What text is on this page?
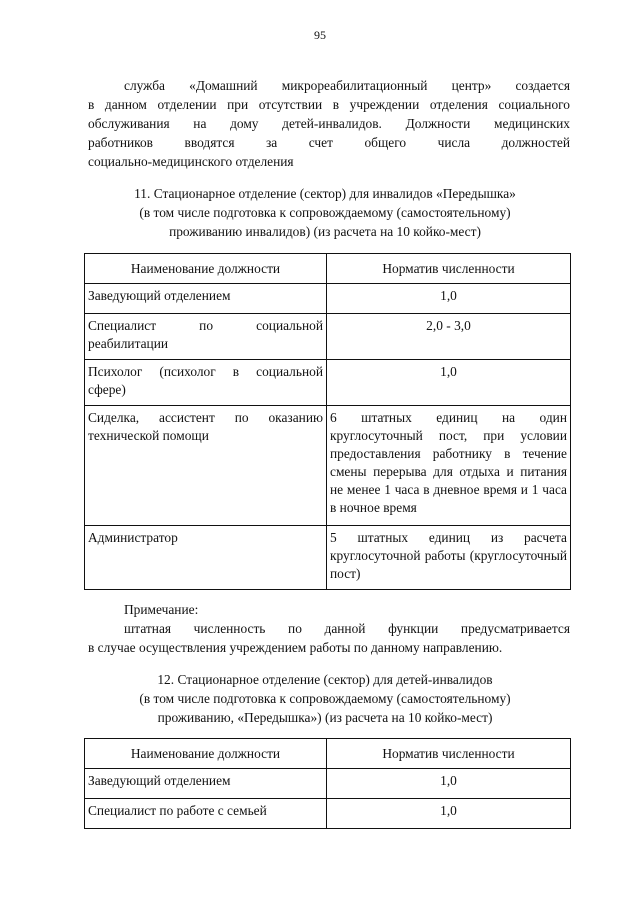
95
служба «Домашний микрореабилитационный центр» создается
в данном отделении при отсутствии в учреждении отделения социального
обслуживания на дому детей-инвалидов. Должности медицинских
работников вводятся за счет общего числа должностей
социально-медицинского отделения
11. Стационарное отделение (сектор) для инвалидов «Передышка»
(в том числе подготовка к сопровождаемому (самостоятельному)
проживанию инвалидов) (из расчета на 10 койко-мест)
Наименование должности	Норматив численности
Заведующий отделением	1,0
Специалист по социальной реабилитации	2,0 - 3,0
Психолог (психолог в социальной сфере)	1,0
Сиделка, ассистент по оказанию технической помощи	6 штатных единиц на один круглосуточный пост, при условии предоставления работнику в течение смены перерыва для отдыха и питания не менее 1 часа в дневное время и 1 часа в ночное время
Администратор	5 штатных единиц из расчета круглосуточной работы (круглосуточный пост)
Примечание:
штатная численность по данной функции предусматривается
в случае осуществления учреждением работы по данному направлению.
12. Стационарное отделение (сектор) для детей-инвалидов
(в том числе подготовка к сопровождаемому (самостоятельному)
проживанию, «Передышка») (из расчета на 10 койко-мест)
Наименование должности	Норматив численности
Заведующий отделением	1,0
Специалист по работе с семьей	1,0
